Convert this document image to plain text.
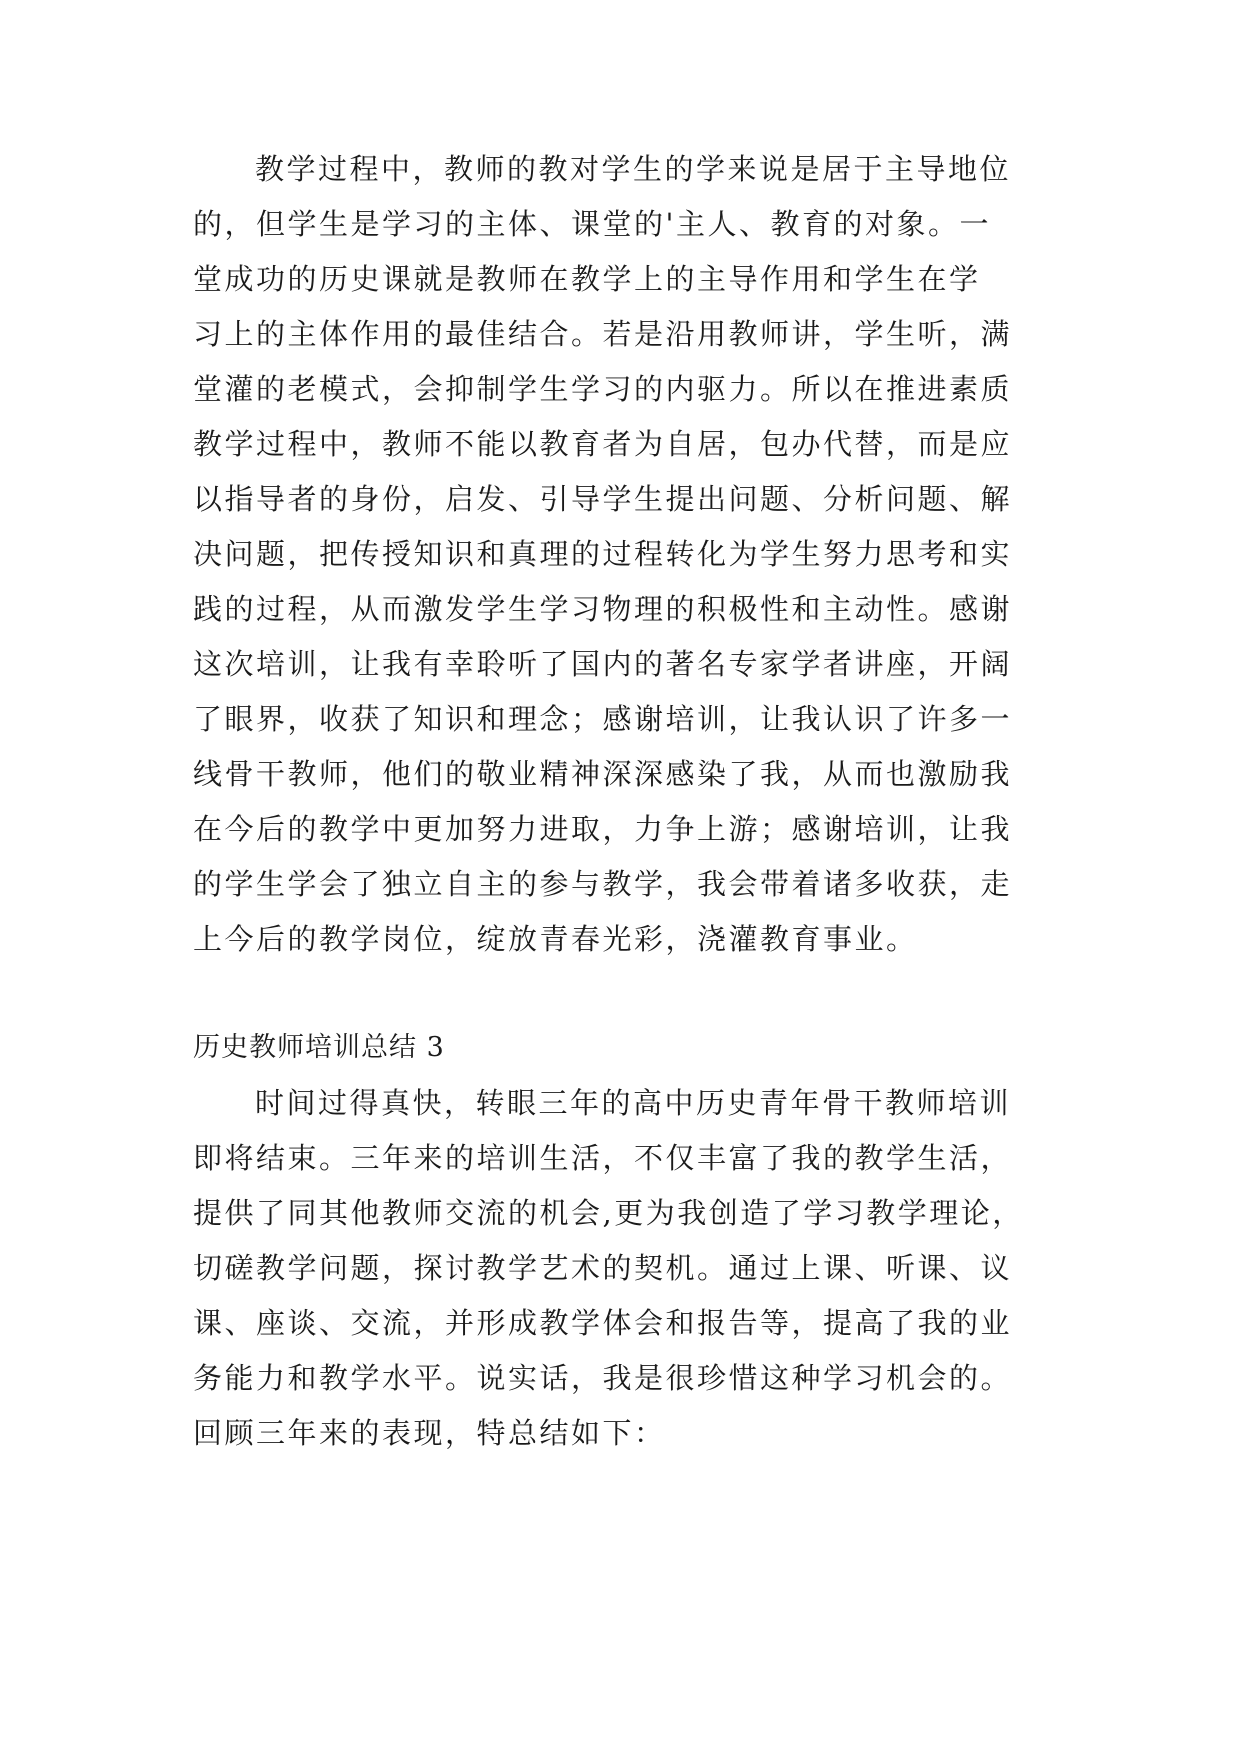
教学过程中，教师的教对学生的学来说是居于主导地位
的，但学生是学习的主体、课堂的'主人、教育的对象。一
堂成功的历史课就是教师在教学上的主导作用和学生在学
习上的主体作用的最佳结合。若是沿用教师讲，学生听，满
堂灌的老模式，会抑制学生学习的内驱力。所以在推进素质
教学过程中，教师不能以教育者为自居，包办代替，而是应
以指导者的身份，启发、引导学生提出问题、分析问题、解
决问题，把传授知识和真理的过程转化为学生努力思考和实
践的过程，从而激发学生学习物理的积极性和主动性。感谢
这次培训，让我有幸聆听了国内的著名专家学者讲座，开阔
了眼界，收获了知识和理念；感谢培训，让我认识了许多一
线骨干教师，他们的敬业精神深深感染了我，从而也激励我
在今后的教学中更加努力进取，力争上游；感谢培训，让我
的学生学会了独立自主的参与教学，我会带着诸多收获，走
上今后的教学岗位，绽放青春光彩，浇灌教育事业。
历史教师培训总结 3
时间过得真快，转眼三年的高中历史青年骨干教师培训
即将结束。三年来的培训生活，不仅丰富了我的教学生活，
提供了同其他教师交流的机会,更为我创造了学习教学理论，
切磋教学问题，探讨教学艺术的契机。通过上课、听课、议
课、座谈、交流，并形成教学体会和报告等，提高了我的业
务能力和教学水平。说实话，我是很珍惜这种学习机会的。
回顾三年来的表现，特总结如下：
